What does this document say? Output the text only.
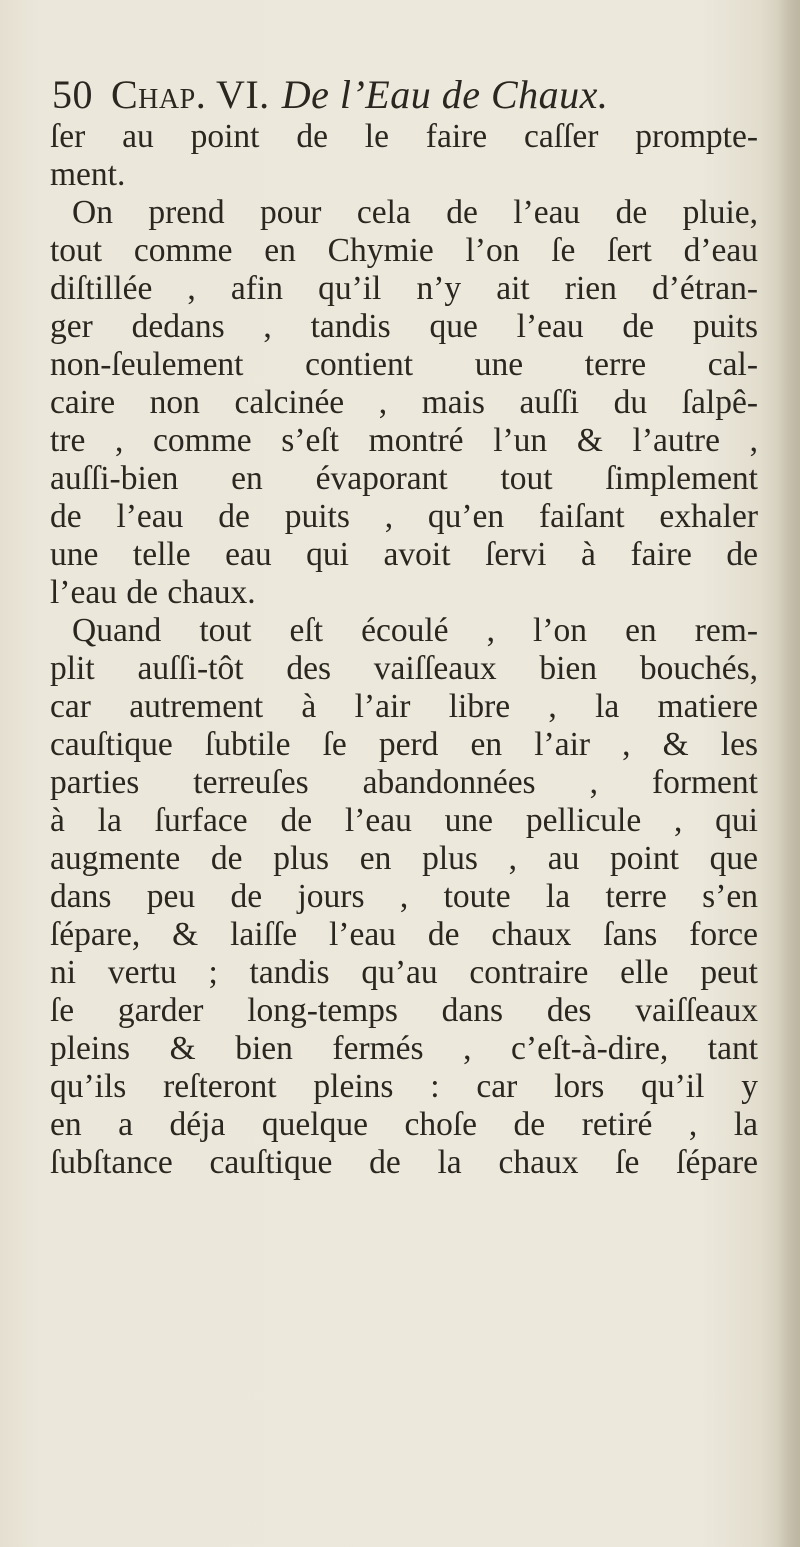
50 Chap. VI. De l’Eau de Chaux.
ſer au point de le faire caſſer prompte-
ment.
On prend pour cela de l’eau de pluie,
tout comme en Chymie l’on ſe ſert d’eau
diſtillée , afin qu’il n’y ait rien d’étran-
ger dedans , tandis que l’eau de puits
non-ſeulement contient une terre cal-
caire non calcinée , mais auſſi du ſalpê-
tre , comme s’eſt montré l’un & l’autre ,
auſſi-bien en évaporant tout ſimplement
de l’eau de puits , qu’en faiſant exhaler
une telle eau qui avoit ſervi à faire de
l’eau de chaux.
Quand tout eſt écoulé , l’on en rem-
plit auſſi-tôt des vaiſſeaux bien bouchés,
car autrement à l’air libre , la matiere
cauſtique ſubtile ſe perd en l’air , & les
parties terreuſes abandonnées , forment
à la ſurface de l’eau une pellicule , qui
augmente de plus en plus , au point que
dans peu de jours , toute la terre s’en
ſépare, & laiſſe l’eau de chaux ſans force
ni vertu ; tandis qu’au contraire elle peut
ſe garder long-temps dans des vaiſſeaux
pleins & bien fermés , c’eſt-à-dire, tant
qu’ils reſteront pleins : car lors qu’il y
en a déja quelque choſe de retiré , la
ſubſtance cauſtique de la chaux ſe ſépare
